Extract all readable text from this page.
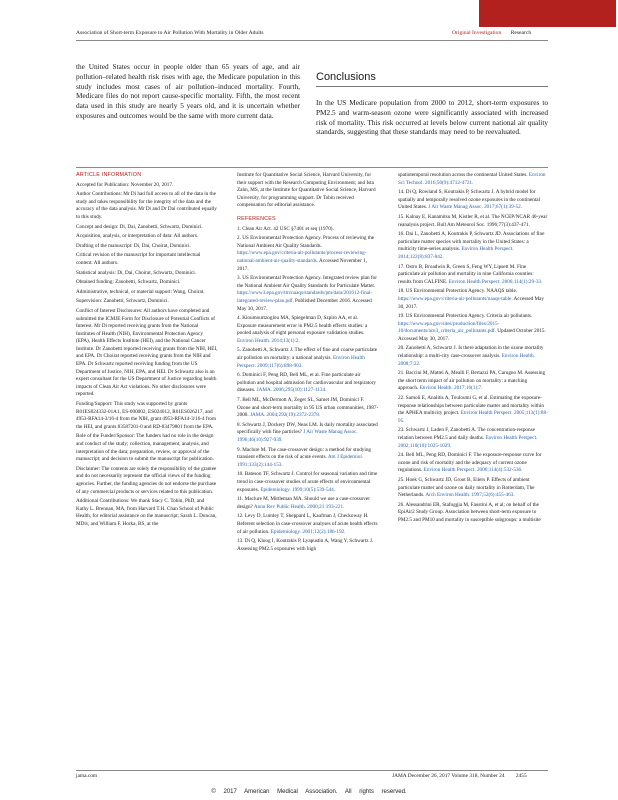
Association of Short-term Exposure to Air Pollution With Mortality in Older Adults	Original Investigation Research
the United States occur in people older than 65 years of age, and air pollution–related health risk rises with age, the Medicare population in this study includes most cases of air pollution–induced mortality. Fourth, Medicare files do not report cause-specific mortality. Fifth, the most recent data used in this study are nearly 5 years old, and it is uncertain whether exposures and outcomes would be the same with more current data.
Conclusions
In the US Medicare population from 2000 to 2012, short-term exposures to PM2.5 and warm-season ozone were significantly associated with increased risk of mortality. This risk occurred at levels below current national air quality standards, suggesting that these standards may need to be reevaluated.
ARTICLE INFORMATION

Accepted for Publication: November 20, 2017.

Author Contributions: Mr Di had full access to all of the data in the study and takes responsibility for the integrity of the data and the accuracy of the data analysis. Mr Di and Dr Dai contributed equally to this study.

Concept and design: Di, Dai, Zanobetti, Schwartz, Dominici.

Acquisition, analysis, or interpretation of data: All authors.

Drafting of the manuscript: Di, Dai, Choirat, Dominici.

Critical revision of the manuscript for important intellectual content: All authors.

Statistical analysis: Di, Dai, Choirat, Schwartz, Dominici.

Obtained funding: Zanobetti, Schwartz, Dominici.

Administrative, technical, or material support: Wang, Choirat.

Supervision: Zanobetti, Schwartz, Dominici.

Conflict of Interest Disclosures: All authors have completed and submitted the ICMJE Form for Disclosure of Potential Conflicts of Interest. Mr Di reported receiving grants from the National Institutes of Health (NIH), Environmental Protection Agency (EPA), Health Effects Institute (HEI), and the National Cancer Institute. Dr Zanobetti reported receiving grants from the NIH, HEI, and EPA. Dr Choirat reported receiving grants from the NIH and EPA. Dr Schwartz reported receiving funding from the US Department of Justice, NIH, EPA, and HEI. Dr Schwartz also is an expert consultant for the US Department of Justice regarding health impacts of Clean Air Act violations. No other disclosures were reported.

Funding/Support: This study was supported by grants R01ES024332-01A1, ES-000002, ES024012, R01ES026217, and 4953-RFA14-3/16-4 from the NIH, grant 4953-RFA14-3/16-4 from the HEI, and grants 83587201-0 and RD-83479801 from the EPA.

Role of the Funder/Sponsor: The funders had no role in the design and conduct of the study; collection, management, analysis, and interpretation of the data; preparation, review, or approval of the manuscript; and decision to submit the manuscript for publication.

Disclaimer: The contents are solely the responsibility of the grantee and do not necessarily represent the official views of the funding agencies. Further, the funding agencies do not endorse the purchase of any commercial products or services related to this publication.

Additional Contributions: We thank Stacy C. Tobin, PhD, and Kathy L. Brennan, MA, from Harvard T.H. Chan School of Public Health, for editorial assistance on the manuscript; Sarah L. Duncan, MDiv, and William F. Horka, BS, at the

Institute for Quantitative Social Science, Harvard University, for their support with the Research Computing Environment; and Ista Zahn, MS, at the Institute for Quantitative Social Science, Harvard University, for programming support. Dr Tobin received compensation for editorial assistance.

REFERENCES

1. Clean Air Act. 42 USC §7401 et seq (1970).

2. US Environmental Protection Agency. Process of reviewing the National Ambient Air Quality Standards. https://www.epa.gov/criteria-air-pollutants/process-reviewing-national-ambient-air-quality-standards. Accessed November 1, 2017.

3. US Environmental Protection Agency. Integrated review plan for the National Ambient Air Quality Standards for Particulate Matter. https://www3.epa.gov/ttn/naaqs/standards/pm/data/201612-final-integrated-review-plan.pdf. Published December 2016. Accessed May 30, 2017.

4. Kioumourtzoglou MA, Spiegelman D, Szpiro AA, et al. Exposure measurement error in PM2.5 health effects studies: a pooled analysis of eight personal exposure validation studies. Environ Health. 2014;13(1):2.

5. Zanobetti A, Schwartz J. The effect of fine and coarse particulate air pollution on mortality: a national analysis. Environ Health Perspect. 2009;117(6):898-903.

6. Dominici F, Peng RD, Bell ML, et al. Fine particulate air pollution and hospital admission for cardiovascular and respiratory diseases. JAMA. 2006;295(10):1127-1134.

7. Bell ML, McDermott A, Zeger SL, Samet JM, Dominici F. Ozone and short-term mortality in 95 US urban communities, 1987-2000. JAMA. 2004;292(19):2372-2378.

8. Schwartz J, Dockery DW, Neas LM. Is daily mortality associated specifically with fine particles? J Air Waste Manag Assoc. 1996;46(10):927-939.

9. Maclure M. The case-crossover design: a method for studying transient effects on the risk of acute events. Am J Epidemiol. 1991;133(2):144-153.

10. Bateson TF, Schwartz J. Control for seasonal variation and time trend in case-crossover studies of acute effects of environmental exposures. Epidemiology. 1999;10(5):539-544.

11. Maclure M, Mittleman MA. Should we use a case-crossover design? Annu Rev Public Health. 2000;21:193-221.

12. Levy D, Lumley T, Sheppard L, Kaufman J, Checkoway H. Referent selection in case-crossover analyses of acute health effects of air pollution. Epidemiology. 2001;12(2):186-192.

13. Di Q, Kloog I, Koutrakis P, Lyapustin A, Wang Y, Schwartz J. Assessing PM2.5 exposures with high

spatiotemporal resolution across the continental United States. Environ Sci Technol. 2016;50(9):4712-4721.

14. Di Q, Rowland S, Koutrakis P, Schwartz J. A hybrid model for spatially and temporally resolved ozone exposures in the continental United States. J Air Waste Manag Assoc. 2017;67(1):39-52.

15. Kalnay E, Kanamitsu M, Kistler R, et al. The NCEP/NCAR 40-year reanalysis project. Bull Am Meteorol Soc. 1996;77(3):437-471.

16. Dai L, Zanobetti A, Koutrakis P, Schwartz JD. Associations of fine particulate matter species with mortality in the United States: a multicity time-series analysis. Environ Health Perspect. 2014;122(8):837-842.

17. Ostro B, Broadwin R, Green S, Feng WY, Lipsett M. Fine particulate air pollution and mortality in nine California counties: results from CALFINE. Environ Health Perspect. 2006;114(1):29-33.

18. US Environmental Protection Agency. NAAQS table. https://www.epa.gov/criteria-air-pollutants/naaqs-table. Accessed May 30, 2017.

19. US Environmental Protection Agency. Criteria air pollutants. https://www.epa.gov/sites/production/files/2015-10/documents/ace3_criteria_air_pollutants.pdf. Updated October 2015. Accessed May 30, 2017.

20. Zanobetti A, Schwartz J. Is there adaptation in the ozone mortality relationship: a multi-city case-crossover analysis. Environ Health. 2008;7:22.

21. Baccini M, Mattei A, Mealli F, Bertazzi PA, Carugno M. Assessing the short term impact of air pollution on mortality: a matching approach. Environ Health. 2017;16(1):7.

22. Samoli E, Analitis A, Touloumi G, et al. Estimating the exposure-response relationships between particulate matter and mortality within the APHEA multicity project. Environ Health Perspect. 2005;113(1):88-95.

23. Schwartz J, Laden F, Zanobetti A. The concentration-response relation between PM2.5 and daily deaths. Environ Health Perspect. 2002;110(10):1025-1029.

24. Bell ML, Peng RD, Dominici F. The exposure-response curve for ozone and risk of mortality and the adequacy of current ozone regulations. Environ Health Perspect. 2006;114(4):532-536.

25. Hoek G, Schwartz JD, Groot B, Eilers P. Effects of ambient particulate matter and ozone on daily mortality in Rotterdam, The Netherlands. Arch Environ Health. 1997;52(6):455-463.

26. Alessandrini ER, Stafoggia M, Faustini A, et al; on behalf of the EpiAir2 Study Group. Association between short-term exposure to PM2.5 and PM10 and mortality in susceptible subgroups: a multisite

jama.com	JAMA December 26, 2017 Volume 318, Number 24 2455
© 2017 American Medical Association. All rights reserved.
